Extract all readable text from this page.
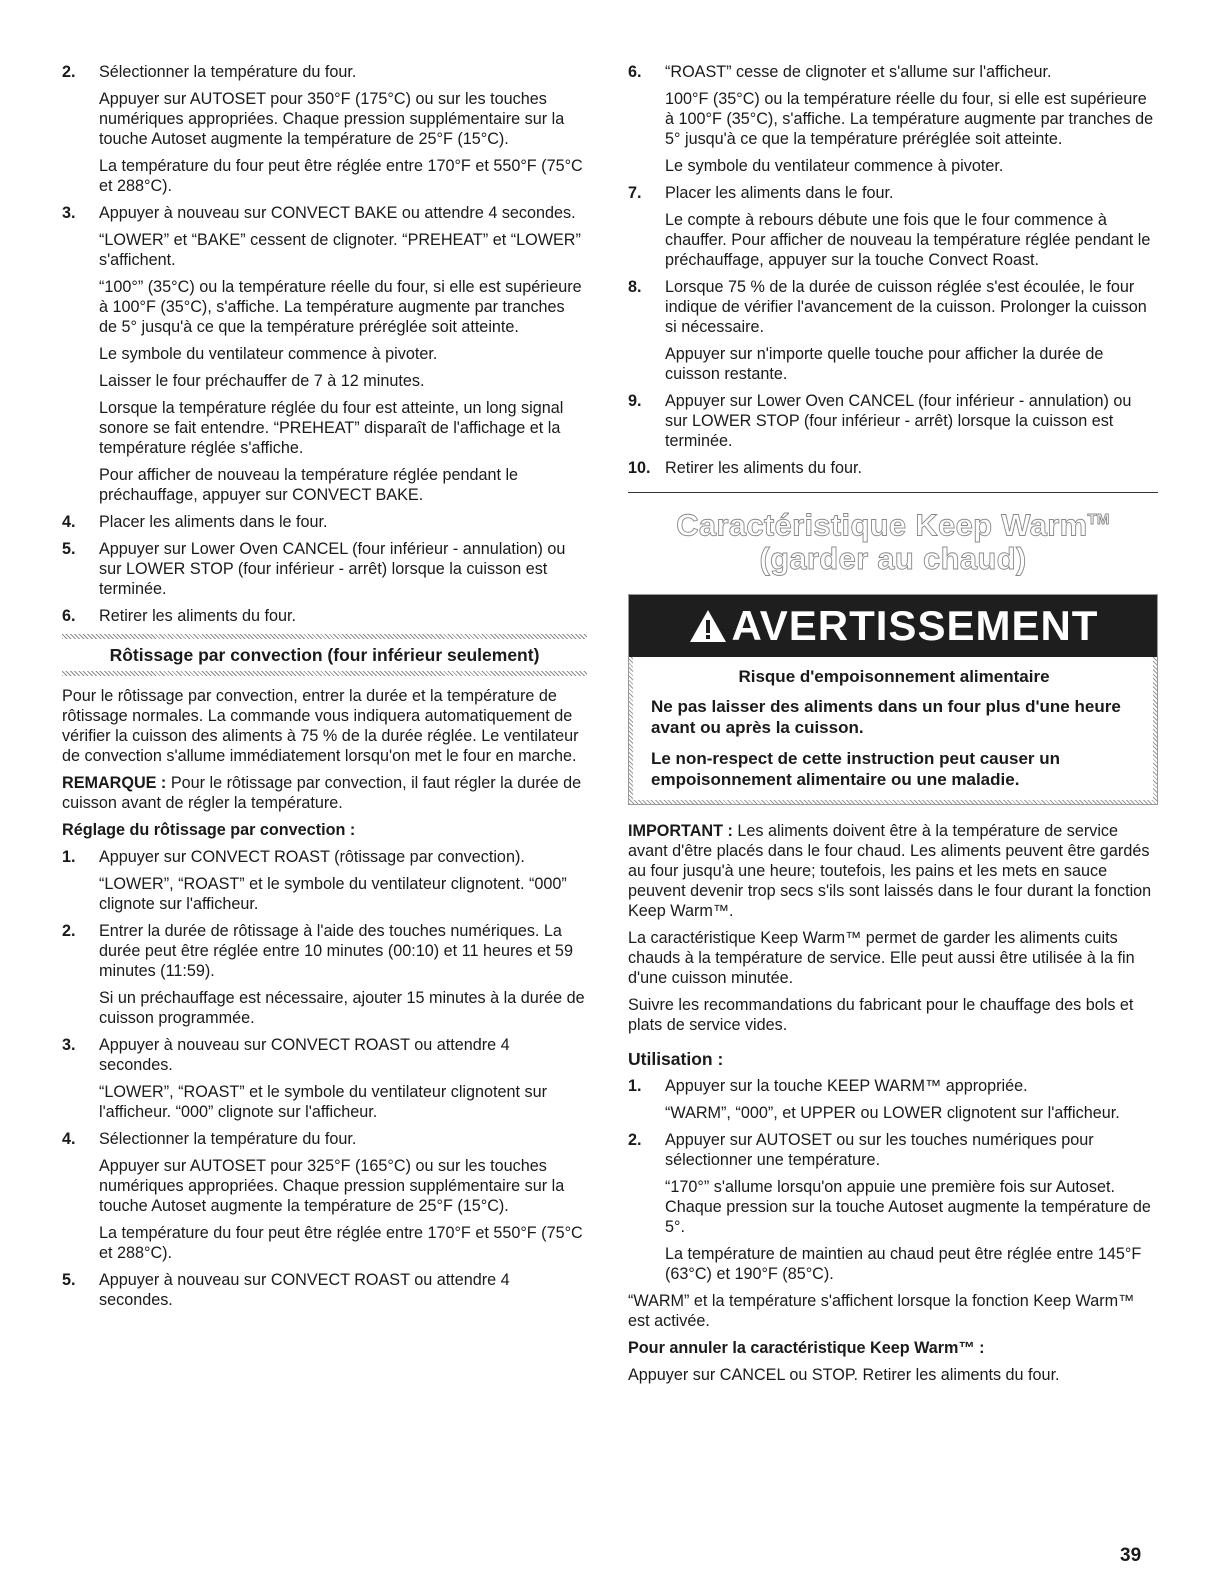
2.	Sélectionner la température du four.

Appuyer sur AUTOSET pour 350°F (175°C) ou sur les touches numériques appropriées. Chaque pression supplémentaire sur la touche Autoset augmente la température de 25°F (15°C).

La température du four peut être réglée entre 170°F et 550°F (75°C et 288°C).

3.	Appuyer à nouveau sur CONVECT BAKE ou attendre 4 secondes.

“LOWER” et “BAKE” cessent de clignoter. “PREHEAT” et “LOWER” s'affichent.

“100°” (35°C) ou la température réelle du four, si elle est supérieure à 100°F (35°C), s'affiche. La température augmente par tranches de 5° jusqu'à ce que la température préréglée soit atteinte.

Le symbole du ventilateur commence à pivoter.

Laisser le four préchauffer de 7 à 12 minutes.

Lorsque la température réglée du four est atteinte, un long signal sonore se fait entendre. “PREHEAT” disparaît de l'affichage et la température réglée s'affiche.

Pour afficher de nouveau la température réglée pendant le préchauffage, appuyer sur CONVECT BAKE.

4.	Placer les aliments dans le four.

5.	Appuyer sur Lower Oven CANCEL (four inférieur - annulation) ou sur LOWER STOP (four inférieur - arrêt) lorsque la cuisson est terminée.

6.	Retirer les aliments du four.

Rôtissage par convection (four inférieur seulement)

Pour le rôtissage par convection, entrer la durée et la température de rôtissage normales. La commande vous indiquera automatiquement de vérifier la cuisson des aliments à 75 % de la durée réglée. Le ventilateur de convection s'allume immédiatement lorsqu'on met le four en marche.

REMARQUE : Pour le rôtissage par convection, il faut régler la durée de cuisson avant de régler la température.

Réglage du rôtissage par convection :
1.	Appuyer sur CONVECT ROAST (rôtissage par convection).

“LOWER”, “ROAST” et le symbole du ventilateur clignotent. “000” clignote sur l'afficheur.

2.	Entrer la durée de rôtissage à l'aide des touches numériques. La durée peut être réglée entre 10 minutes (00:10) et 11 heures et 59 minutes (11:59).

Si un préchauffage est nécessaire, ajouter 15 minutes à la durée de cuisson programmée.

3.	Appuyer à nouveau sur CONVECT ROAST ou attendre 4 secondes.

“LOWER”, “ROAST” et le symbole du ventilateur clignotent sur l'afficheur. “000” clignote sur l'afficheur.

4.	Sélectionner la température du four.

Appuyer sur AUTOSET pour 325°F (165°C) ou sur les touches numériques appropriées. Chaque pression supplémentaire sur la touche Autoset augmente la température de 25°F (15°C).

La température du four peut être réglée entre 170°F et 550°F (75°C et 288°C).

5.	Appuyer à nouveau sur CONVECT ROAST ou attendre 4 secondes.

6.	“ROAST” cesse de clignoter et s'allume sur l'afficheur.

100°F (35°C) ou la température réelle du four, si elle est supérieure à 100°F (35°C), s'affiche. La température augmente par tranches de 5° jusqu'à ce que la température préréglée soit atteinte.

Le symbole du ventilateur commence à pivoter.

7.	Placer les aliments dans le four.

Le compte à rebours débute une fois que le four commence à chauffer. Pour afficher de nouveau la température réglée pendant le préchauffage, appuyer sur la touche Convect Roast.

8.	Lorsque 75 % de la durée de cuisson réglée s'est écoulée, le four indique de vérifier l'avancement de la cuisson. Prolonger la cuisson si nécessaire.

Appuyer sur n'importe quelle touche pour afficher la durée de cuisson restante.

9.	Appuyer sur Lower Oven CANCEL (four inférieur - annulation) ou sur LOWER STOP (four inférieur - arrêt) lorsque la cuisson est terminée.

10. Retirer les aliments du four.

Caractéristique Keep Warm™
(garder au chaud)
AVERTISSEMENT
Risque d'empoisonnement alimentaire

Ne pas laisser des aliments dans un four plus d'une heure avant ou après la cuisson.

Le non-respect de cette instruction peut causer un empoisonnement alimentaire ou une maladie.

IMPORTANT : Les aliments doivent être à la température de service avant d'être placés dans le four chaud. Les aliments peuvent être gardés au four jusqu'à une heure; toutefois, les pains et les mets en sauce peuvent devenir trop secs s'ils sont laissés dans le four durant la fonction Keep Warm™.

La caractéristique Keep Warm™ permet de garder les aliments cuits chauds à la température de service. Elle peut aussi être utilisée à la fin d'une cuisson minutée.

Suivre les recommandations du fabricant pour le chauffage des bols et plats de service vides.

Utilisation :
1.	Appuyer sur la touche KEEP WARM™ appropriée.

“WARM”, “000”, et UPPER ou LOWER clignotent sur l'afficheur.

2.	Appuyer sur AUTOSET ou sur les touches numériques pour sélectionner une température.

“170°” s'allume lorsqu'on appuie une première fois sur Autoset. Chaque pression sur la touche Autoset augmente la température de 5°.

La température de maintien au chaud peut être réglée entre 145°F (63°C) et 190°F (85°C).

“WARM” et la température s'affichent lorsque la fonction Keep Warm™ est activée.

Pour annuler la caractéristique Keep Warm™ :

Appuyer sur CANCEL ou STOP. Retirer les aliments du four.

39
